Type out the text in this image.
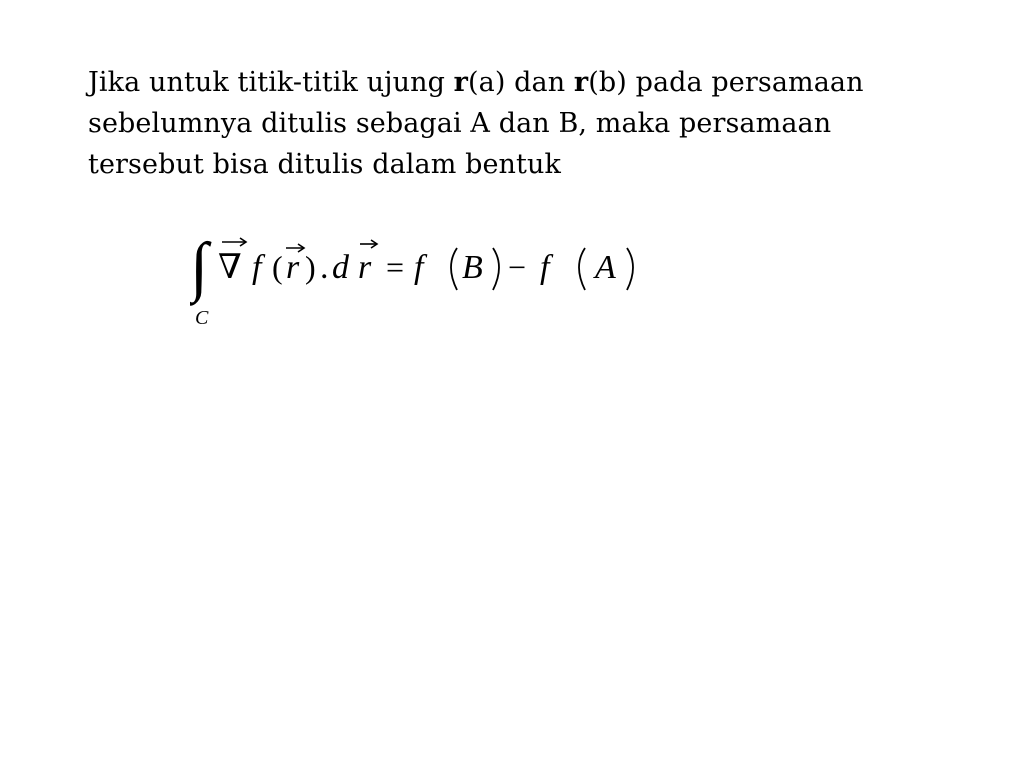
Jika untuk titik-titik ujung r(a) dan r(b) pada persamaan
sebelumnya ditulis sebagai A dan B, maka persamaan
tersebut bisa ditulis dalam bentuk
∫
C
∇ f ( r ) . d r = f B − f A
